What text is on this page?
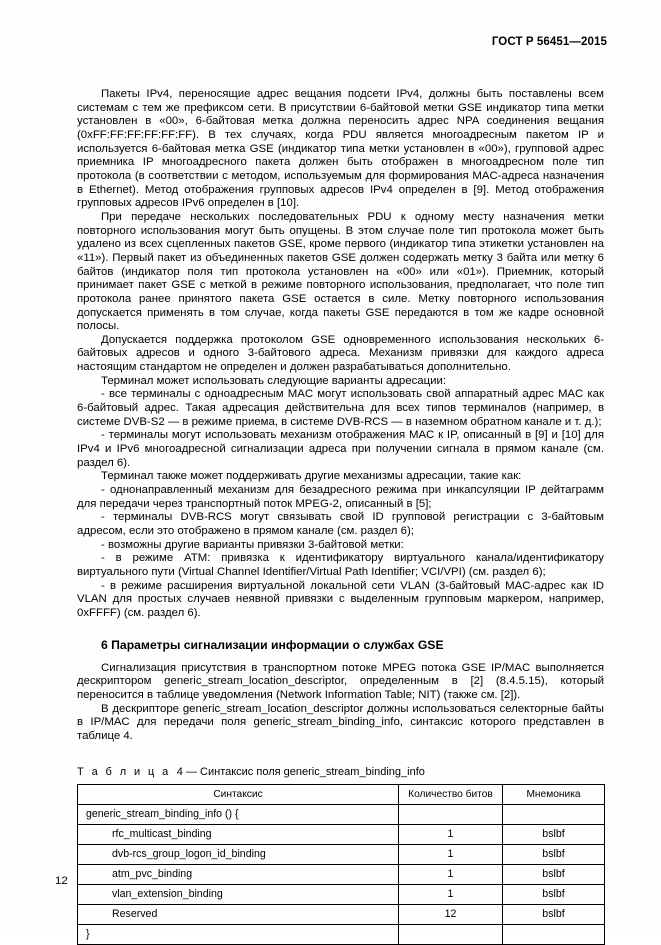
ГОСТ Р 56451—2015

Пакеты IPv4, переносящие адрес вещания подсети IPv4, должны быть поставлены всем системам с тем же префиксом сети. В присутствии 6-байтовой метки GSE индикатор типа метки установлен в «00», 6-байтовая метка должна переносить адрес NPA соединения вещания (0xFF:FF:FF:FF:FF:FF). В тех случаях, когда PDU является многоадресным пакетом IP и используется 6-байтовая метка GSE (индикатор типа метки установлен в «00»), групповой адрес приемника IP многоадресного пакета должен быть отображен в многоадресном поле тип протокола (в соответствии с методом, используемым для формирования MAC-адреса назначения в Ethernet). Метод отображения групповых адресов IPv4 определен в [9]. Метод отображения групповых адресов IPv6 определен в [10].

При передаче нескольких последовательных PDU к одному месту назначения метки повторного использования могут быть опущены. В этом случае поле тип протокола может быть удалено из всех сцепленных пакетов GSE, кроме первого (индикатор типа этикетки установлен на «11»). Первый пакет из объединенных пакетов GSE должен содержать метку 3 байта или метку 6 байтов (индикатор поля тип протокола установлен на «00» или «01»). Приемник, который принимает пакет GSE с меткой в режиме повторного использования, предполагает, что поле тип протокола ранее принятого пакета GSE остается в силе. Метку повторного использования допускается применять в том случае, когда пакеты GSE передаются в том же кадре основной полосы.

Допускается поддержка протоколом GSE одновременного использования нескольких 6-байтовых адресов и одного 3-байтового адреса. Механизм привязки для каждого адреса настоящим стандартом не определен и должен разрабатываться дополнительно.

Терминал может использовать следующие варианты адресации:

- все терминалы с одноадресным MAC могут использовать свой аппаратный адрес MAC как 6-байтовый адрес. Такая адресация действительна для всех типов терминалов (например, в системе DVB-S2 — в режиме приема, в системе DVB-RCS — в наземном обратном канале и т. д.);

- терминалы могут использовать механизм отображения MAC к IP, описанный в [9] и [10] для IPv4 и IPv6 многоадресной сигнализации адреса при получении сигнала в прямом канале (см. раздел 6).

Терминал также может поддерживать другие механизмы адресации, такие как:

- однонаправленный механизм для безадресного режима при инкапсуляции IP дейтаграмм для передачи через транспортный поток MPEG-2, описанный в [5];

- терминалы DVB-RCS могут связывать свой ID групповой регистрации с 3-байтовым адресом, если это отображено в прямом канале (см. раздел 6);

- возможны другие варианты привязки 3-байтовой метки:

- в режиме ATM: привязка к идентификатору виртуального канала/идентификатору виртуального пути (Virtual Channel Identifier/Virtual Path Identifier; VCI/VPI) (см. раздел 6);

- в режиме расширения виртуальной локальной сети VLAN (3-байтовый MAC-адрес как ID VLAN для простых случаев неявной привязки с выделенным групповым маркером, например, 0xFFFF) (см. раздел 6).

6 Параметры сигнализации информации о службах GSE

Сигнализация присутствия в транспортном потоке MPEG потока GSE IP/MAC выполняется дескриптором generic_stream_location_descriptor, определенным в [2] (8.4.5.15), который переносится в таблице уведомления (Network Information Table; NIT) (также см. [2]).

В дескрипторе generic_stream_location_descriptor должны использоваться селекторные байты в IP/MAC для передачи поля generic_stream_binding_info, синтаксис которого представлен в таблице 4.

Т а б л и ц а 4 — Синтаксис поля generic_stream_binding_info

Синтаксис	Количество битов	Мнемоника
generic_stream_binding_info () {		
rfc_multicast_binding	1	bslbf
dvb-rcs_group_logon_id_binding	1	bslbf
atm_pvc_binding	1	bslbf
vlan_extension_binding	1	bslbf
Reserved	12	bslbf
}		
12
